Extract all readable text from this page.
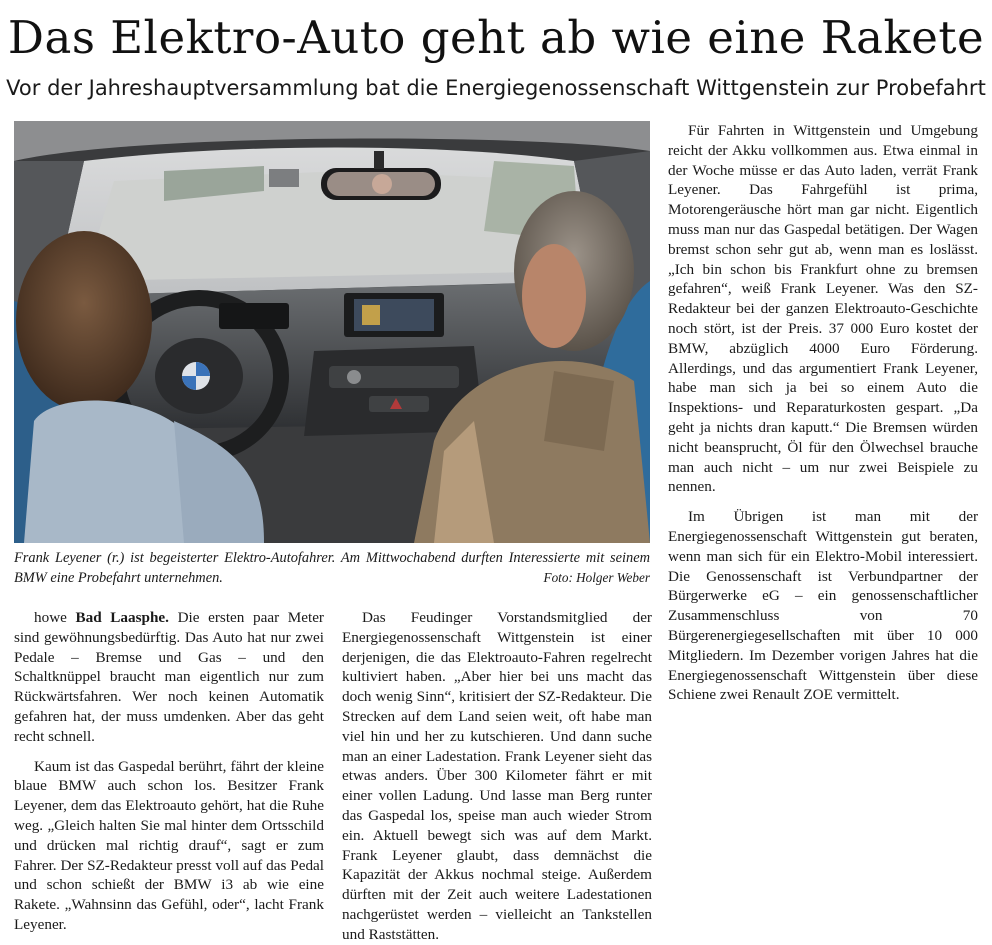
Das Elektro-Auto geht ab wie eine Rakete
Vor der Jahreshauptversammlung bat die Energiegenossenschaft Wittgenstein zur Probefahrt
Frank Leyener (r.) ist begeisterter Elektro-Autofahrer. Am Mittwochabend durften Interessierte mit seinem BMW eine Probefahrt unternehmen.	Foto: Holger Weber

howe Bad Laasphe. Die ersten paar Meter sind gewöhnungsbedürftig. Das Auto hat nur zwei Pedale – Bremse und Gas – und den Schaltknüppel braucht man eigentlich nur zum Rückwärtsfahren. Wer noch keinen Automatik gefahren hat, der muss umdenken. Aber das geht recht schnell.

Kaum ist das Gaspedal berührt, fährt der kleine blaue BMW auch schon los. Besitzer Frank Leyener, dem das Elektroauto gehört, hat die Ruhe weg. „Gleich halten Sie mal hinter dem Ortsschild und drücken mal richtig drauf“, sagt er zum Fahrer. Der SZ-Redakteur presst voll auf das Pedal und schon schießt der BMW i3 ab wie eine Rakete. „Wahnsinn das Gefühl, oder“, lacht Frank Leyener.

Das Feudinger Vorstandsmitglied der Energiegenossenschaft Wittgenstein ist einer derjenigen, die das Elektroauto-Fahren regelrecht kultiviert haben. „Aber hier bei uns macht das doch wenig Sinn“, kritisiert der SZ-Redakteur. Die Strecken auf dem Land seien weit, oft habe man viel hin und her zu kutschieren. Und dann suche man an einer Ladestation. Frank Leyener sieht das etwas anders. Über 300 Kilometer fährt er mit einer vollen Ladung. Und lasse man Berg runter das Gaspedal los, speise man auch wieder Strom ein. Aktuell bewegt sich was auf dem Markt. Frank Leyener glaubt, dass demnächst die Kapazität der Akkus nochmal steige. Außerdem dürften mit der Zeit auch weitere Ladestationen nachgerüstet werden – vielleicht an Tankstellen und Raststätten.

Für Fahrten in Wittgenstein und Umgebung reicht der Akku vollkommen aus. Etwa einmal in der Woche müsse er das Auto laden, verrät Frank Leyener. Das Fahrgefühl ist prima, Motorengeräusche hört man gar nicht. Eigentlich muss man nur das Gaspedal betätigen. Der Wagen bremst schon sehr gut ab, wenn man es loslässt. „Ich bin schon bis Frankfurt ohne zu bremsen gefahren“, weiß Frank Leyener. Was den SZ-Redakteur bei der ganzen Elektroauto-Geschichte noch stört, ist der Preis. 37 000 Euro kostet der BMW, abzüglich 4000 Euro Förderung. Allerdings, und das argumentiert Frank Leyener, habe man sich ja bei so einem Auto die Inspektions- und Reparaturkosten gespart. „Da geht ja nichts dran kaputt.“ Die Bremsen würden nicht beansprucht, Öl für den Ölwechsel brauche man auch nicht – um nur zwei Beispiele zu nennen.

Im Übrigen ist man mit der Energiegenossenschaft Wittgenstein gut beraten, wenn man sich für ein Elektro-Mobil interessiert. Die Genossenschaft ist Verbundpartner der Bürgerwerke eG – ein genossenschaftlicher Zusammenschluss von 70 Bürgerenergiegesellschaften mit über 10 000 Mitgliedern. Im Dezember vorigen Jahres hat die Energiegenossenschaft Wittgenstein über diese Schiene zwei Renault ZOE vermittelt.
